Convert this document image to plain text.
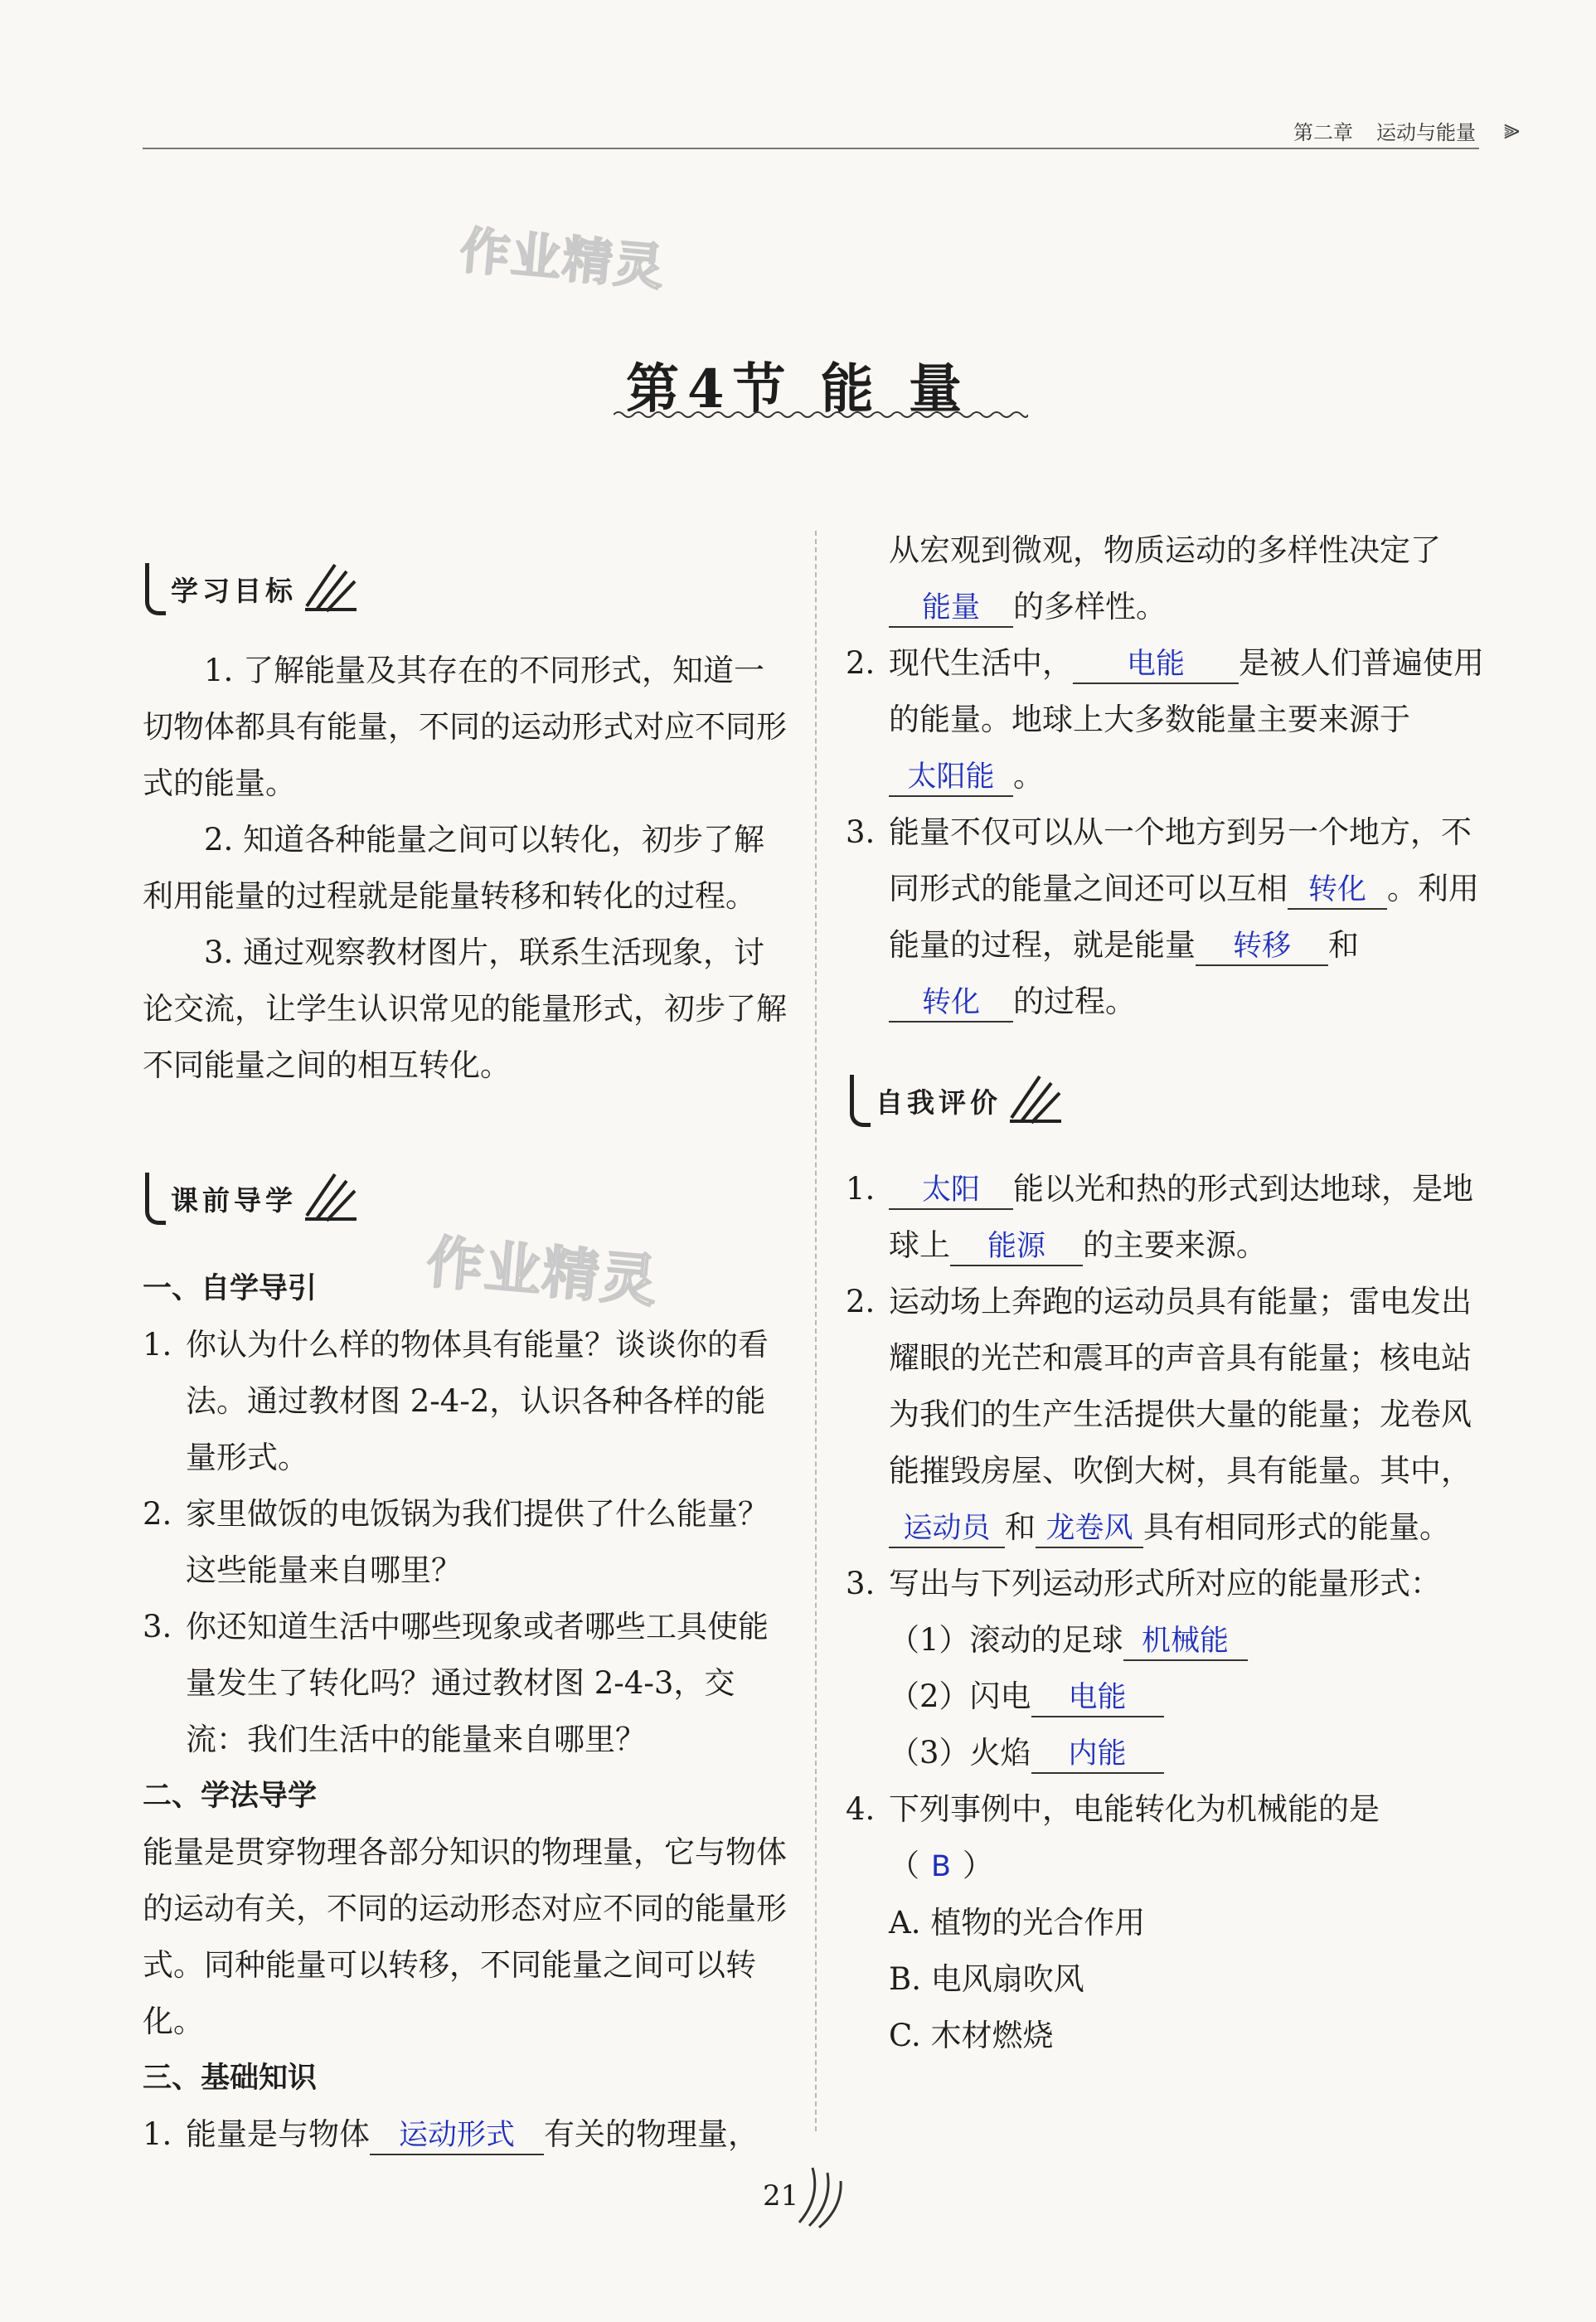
第二章 运动与能量 ⫸
作业精灵
作业精灵
第4节 能 量
学习目标

1. 了解能量及其存在的不同形式，知道一切物体都具有能量，不同的运动形式对应不同形式的能量。

2. 知道各种能量之间可以转化，初步了解利用能量的过程就是能量转移和转化的过程。

3. 通过观察教材图片，联系生活现象，讨论交流，让学生认识常见的能量形式，初步了解不同能量之间的相互转化。

课前导学

一、自学导引

1. 你认为什么样的物体具有能量？谈谈你的看法。通过教材图 2-4-2，认识各种各样的能量形式。
2. 家里做饭的电饭锅为我们提供了什么能量？这些能量来自哪里？
3. 你还知道生活中哪些现象或者哪些工具使能量发生了转化吗？通过教材图 2-4-3，交流：我们生活中的能量来自哪里？

二、学法导学

能量是贯穿物理各部分知识的物理量，它与物体的运动有关，不同的运动形态对应不同的能量形式。同种能量可以转移，不同能量之间可以转化。

三、基础知识

1. 能量是与物体 运动形式 有关的物理量，

从宏观到微观，物质运动的多样性决定了能量 的多样性。

2. 现代生活中， 电能 是被人们普遍使用的能量。地球上大多数能量主要来源于太阳能 。
3. 能量不仅可以从一个地方到另一个地方，不同形式的能量之间还可以互相 转化 。利用能量的过程，就是能量 转移 和
转化 的过程。
自我评价
1.	太阳 能以光和热的形式到达地球，是地球上 能源 的主要来源。
2. 运动场上奔跑的运动员具有能量；雷电发出耀眼的光芒和震耳的声音具有能量；核电站为我们的生产生活提供大量的能量；龙卷风能摧毁房屋、吹倒大树，具有能量。其中，运动员 和 龙卷风 具有相同形式的能量。
3. 写出与下列运动形式所对应的能量形式：
（1）滚动的足球 机械能
（2）闪电 电能
（3）火焰 内能
4. 下列事例中，电能转化为机械能的是
（ B ）
A. 植物的光合作用
B. 电风扇吹风
C. 木材燃烧
21
